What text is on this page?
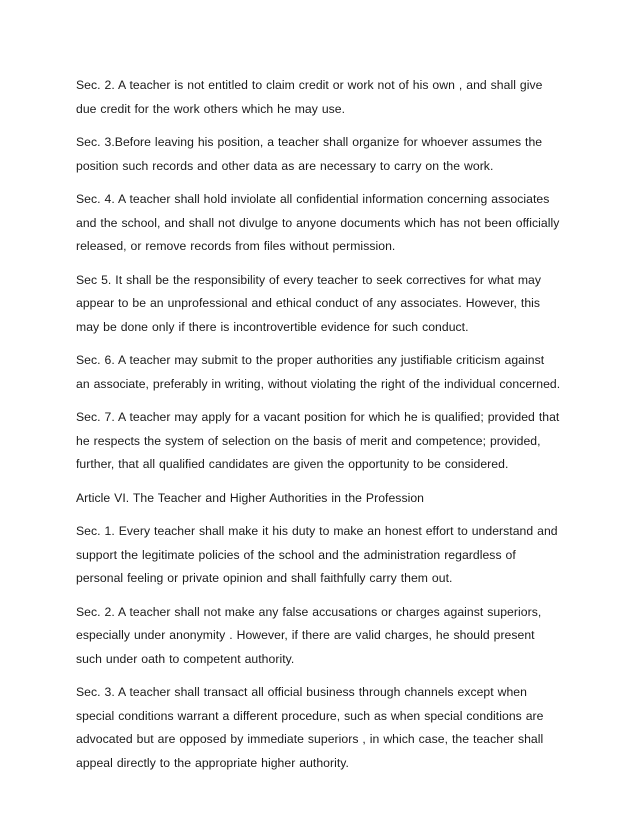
Sec. 2. A teacher is not entitled to claim credit or work not of his own , and shall give
due credit for the work others which he may use.

Sec. 3.Before leaving his position, a teacher shall organize for whoever assumes the
position such records and other data as are necessary to carry on the work.

Sec. 4. A teacher shall hold inviolate all confidential information concerning associates
and the school, and shall not divulge to anyone documents which has not been officially
released, or remove records from files without permission.

Sec 5. It shall be the responsibility of every teacher to seek correctives for what may
appear to be an unprofessional and ethical conduct of any associates. However, this
may be done only if there is incontrovertible evidence for such conduct.

Sec. 6. A teacher may submit to the proper authorities any justifiable criticism against
an associate, preferably in writing, without violating the right of the individual concerned.

Sec. 7. A teacher may apply for a vacant position for which he is qualified; provided that
he respects the system of selection on the basis of merit and competence; provided,
further, that all qualified candidates are given the opportunity to be considered.

Article VI. The Teacher and Higher Authorities in the Profession

Sec. 1. Every teacher shall make it his duty to make an honest effort to understand and
support the legitimate policies of the school and the administration regardless of
personal feeling or private opinion and shall faithfully carry them out.

Sec. 2. A teacher shall not make any false accusations or charges against superiors,
especially under anonymity . However, if there are valid charges, he should present
such under oath to competent authority.

Sec. 3. A teacher shall transact all official business through channels except when
special conditions warrant a different procedure, such as when special conditions are
advocated but are opposed by immediate superiors , in which case, the teacher shall
appeal directly to the appropriate higher authority.
